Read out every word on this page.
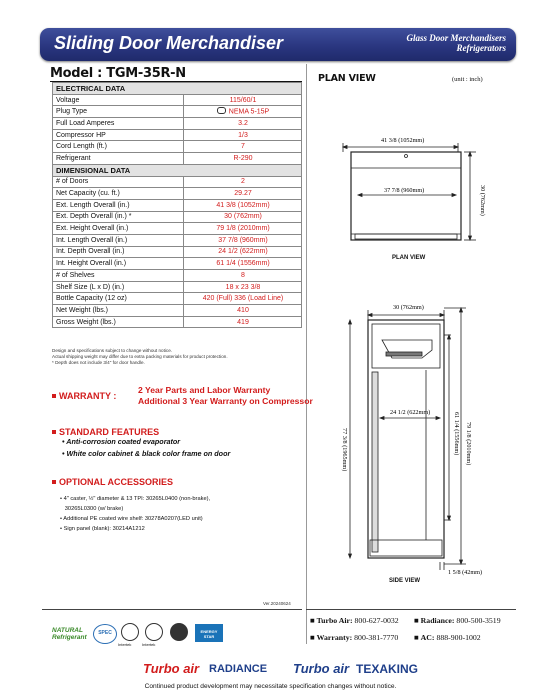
Sliding Door Merchandiser	Glass Door Merchandisers
Refrigerators
Model : TGM-35R-N
ELECTRICAL DATA	
Voltage	115/60/1
Plug Type	NEMA 5-15P
Full Load Amperes	3.2
Compressor HP	1/3
Cord Length (ft.)	7
Refrigerant	R-290
DIMENSIONAL DATA	
# of Doors	2
Net Capacity (cu. ft.)	29.27
Ext. Length Overall (in.)	41 3/8 (1052mm)
Ext. Depth Overall (in.) *	30 (762mm)
Ext. Height Overall (in.)	79 1/8 (2010mm)
Int. Length Overall (in.)	37 7/8 (960mm)
Int. Depth Overall (in.)	24 1/2 (622mm)
Int. Height Overall (in.)	61 1/4 (1556mm)
# of Shelves	8
Shelf Size (L x D) (in.)	18 x 23 3/8
Bottle Capacity (12 oz)	420 (Full) 336 (Load Line)
Net Weight (lbs.)	410
Gross Weight (lbs.)	419
Design and specifications subject to change without notice.
Actual shipping weight may differ due to extra packing materials for product protection.
* Depth does not include 3/4" for door handle.
WARRANTY :
2 Year Parts and Labor Warranty
Additional 3 Year Warranty on Compressor
STANDARD FEATURES
• Anti-corrosion coated evaporator
• White color cabinet & black color frame on door
OPTIONAL ACCESSORIES
• 4" caster, ½" diameter & 13 TPI: 30265L0400 (non-brake),
30265L0300 (w/ brake)
• Additional PE coated wire shelf: 30278A0207(LED unit)
• Sign panel (blank): 30214A1212
Ver.20240624
PLAN VIEW	(unit : inch)
41 3/8 (1052mm)
37 7/8 (960mm)	30 (762mm)
PLAN VIEW
30 (762mm)
24 1/2 (622mm)
77 3/8 (1965mm)	61 1/4 (1556mm) 79 1/8 (2010mm)
1 5/8 (42mm)
SIDE VIEW
NATURAL
Refrigerant
SPEC
Intertek	Intertek
ENERGY STAR
■ Turbo Air: 800-627-0032 ■ Radiance: 800-500-3519
■ Warranty: 800-381-7770 ■ AC: 888-900-1002
Turbo air RADIANCE Turbo air TEXAKING
Continued product development may necessitate specification changes without notice.
